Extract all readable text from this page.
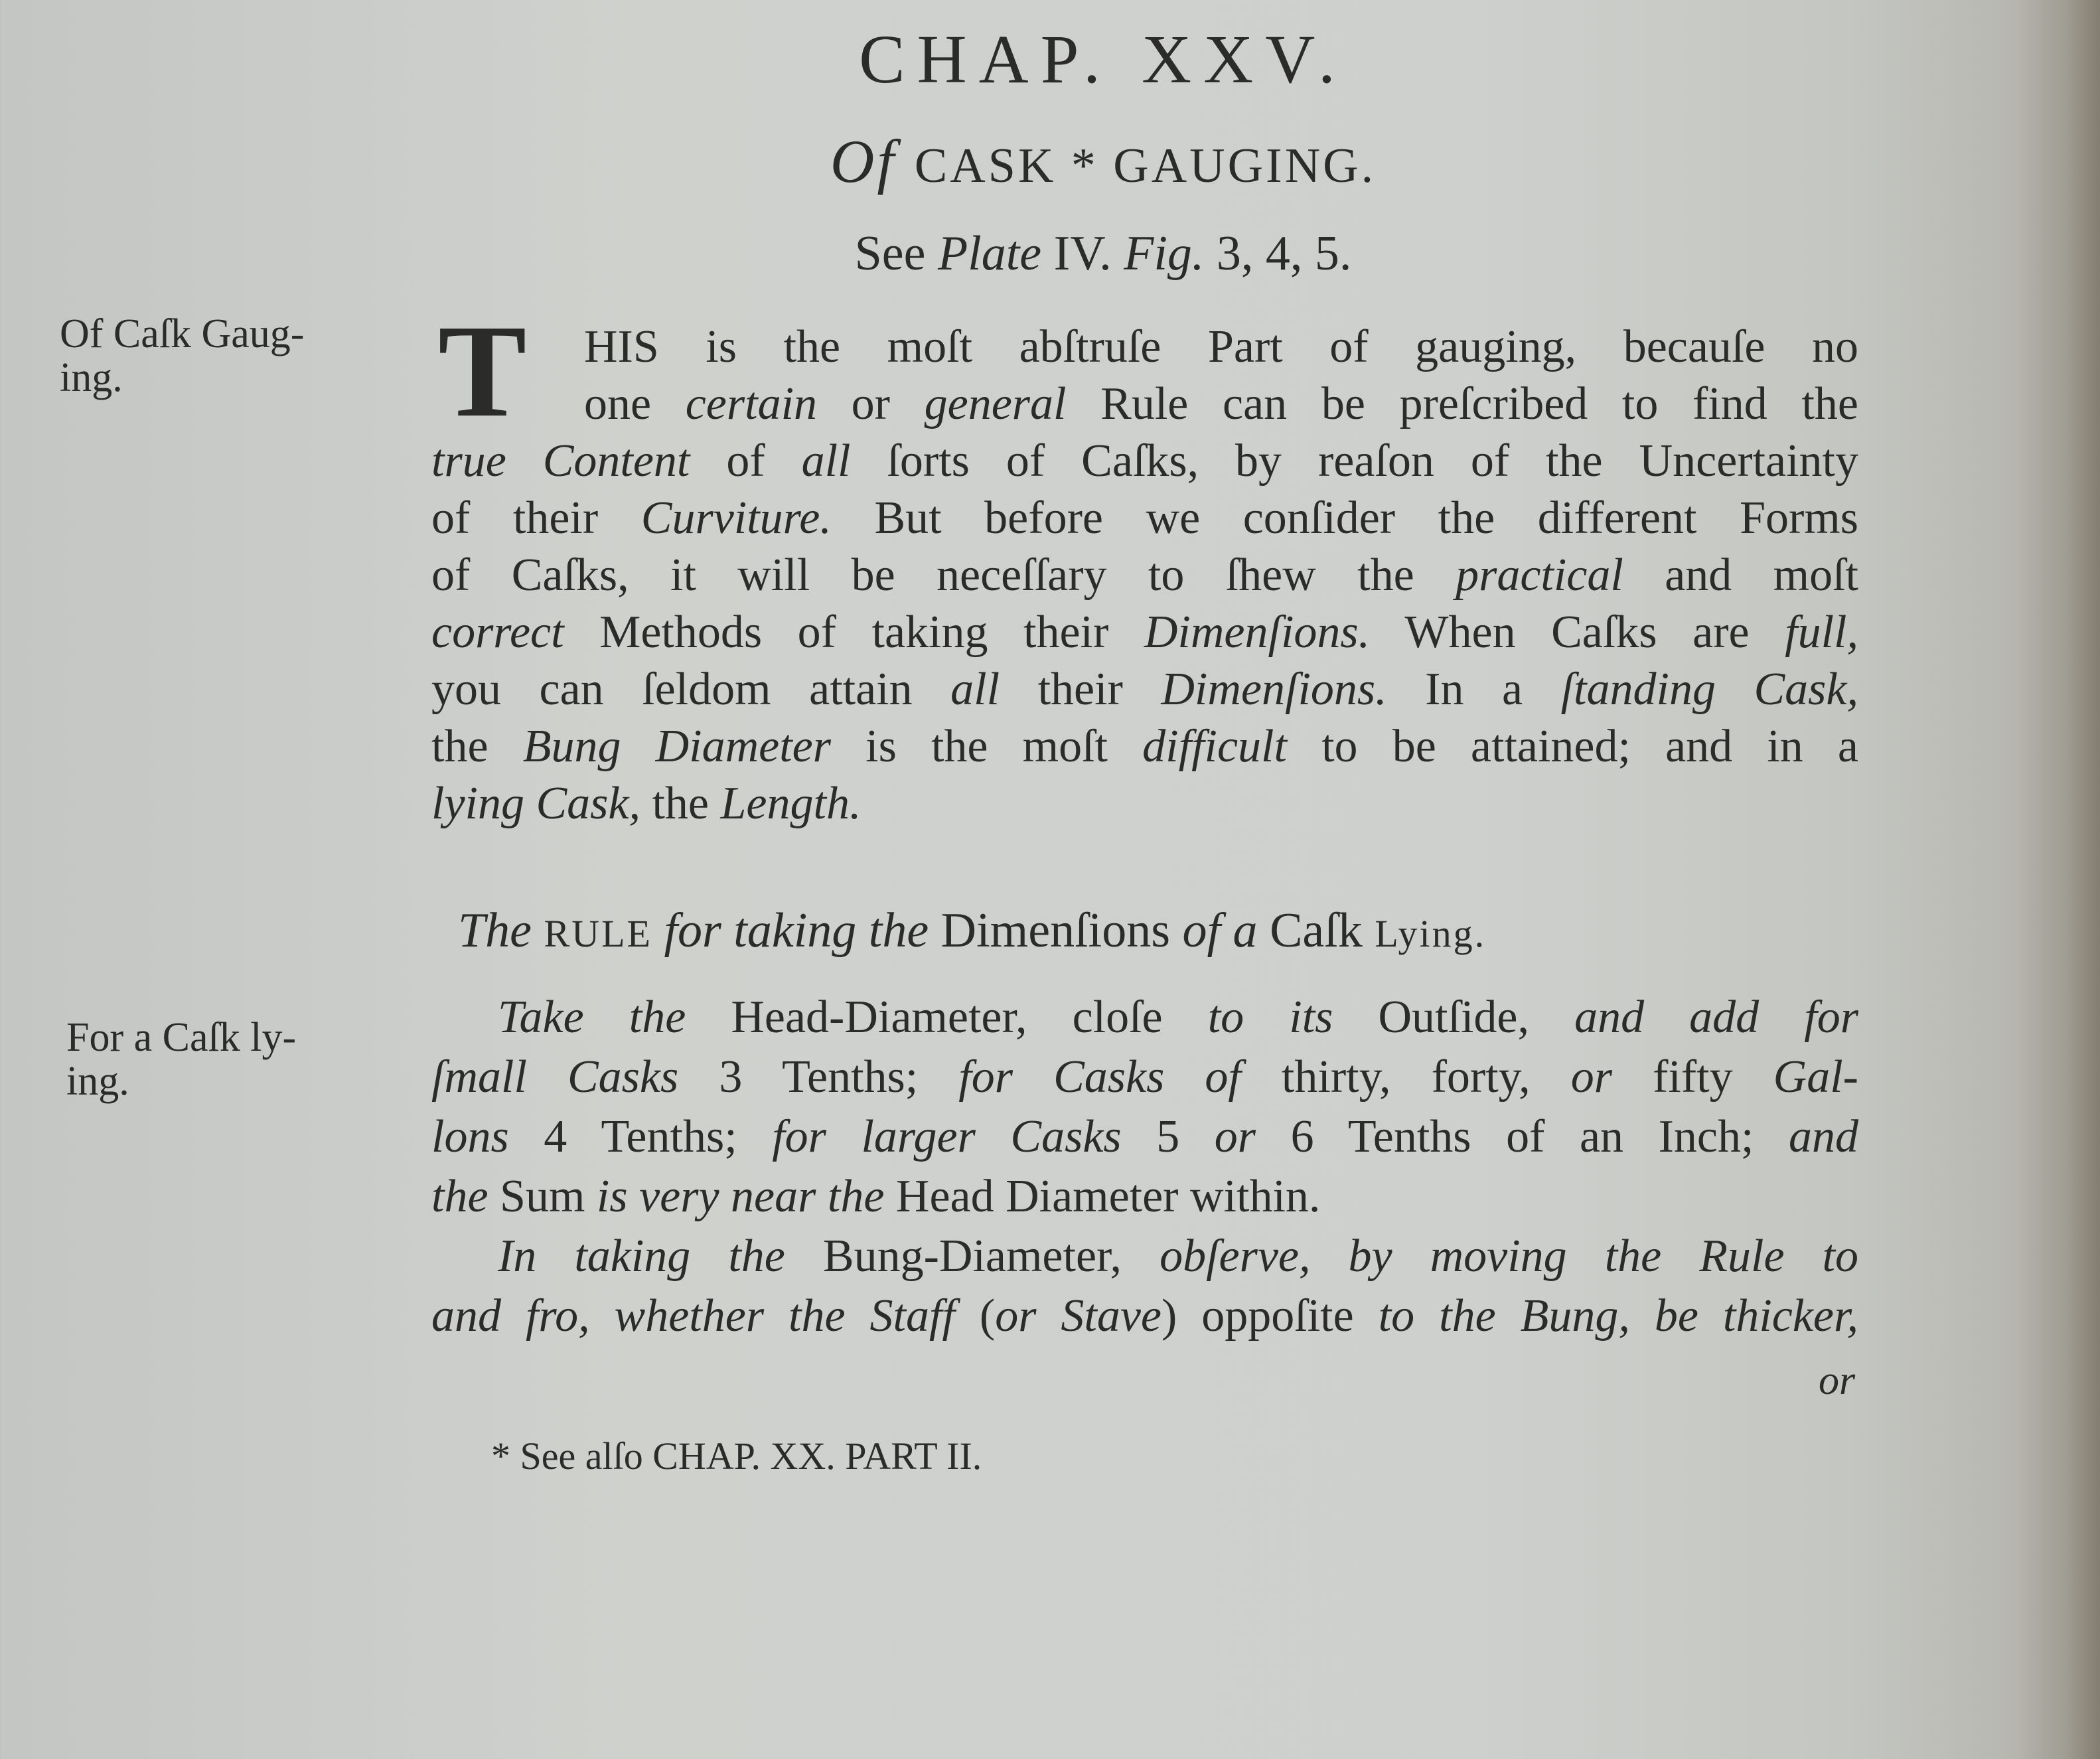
CHAP. XXV.
Of CASK * GAUGING.
See Plate IV. Fig. 3, 4, 5.
Of Caſk Gaug-
ing.
For a Caſk ly-
ing.
T HIS is the moſt abſtruſe Part of gauging, becauſe no
one certain or general Rule can be preſcribed to find the
true Content of all ſorts of Caſks, by reaſon of the Uncertainty
of their Curviture. But before we conſider the different Forms
of Caſks, it will be neceſſary to ſhew the practical and moſt
correct Methods of taking their Dimenſions. When Caſks are full,
you can ſeldom attain all their Dimenſions. In a ſtanding Cask,
the Bung Diameter is the moſt difficult to be attained; and in a
lying Cask, the Length.
The RULE for taking the Dimenſions of a Caſk Lying.
Take the Head-Diameter, cloſe to its Outſide, and add for
ſmall Casks 3 Tenths; for Casks of thirty, forty, or fifty Gal-
lons 4 Tenths; for larger Casks 5 or 6 Tenths of an Inch; and
the Sum is very near the Head Diameter within.
In taking the Bung-Diameter, obſerve, by moving the Rule to
and fro, whether the Staff (or Stave) oppoſite to the Bung, be thicker,
or
* See alſo CHAP. XX. PART II.
